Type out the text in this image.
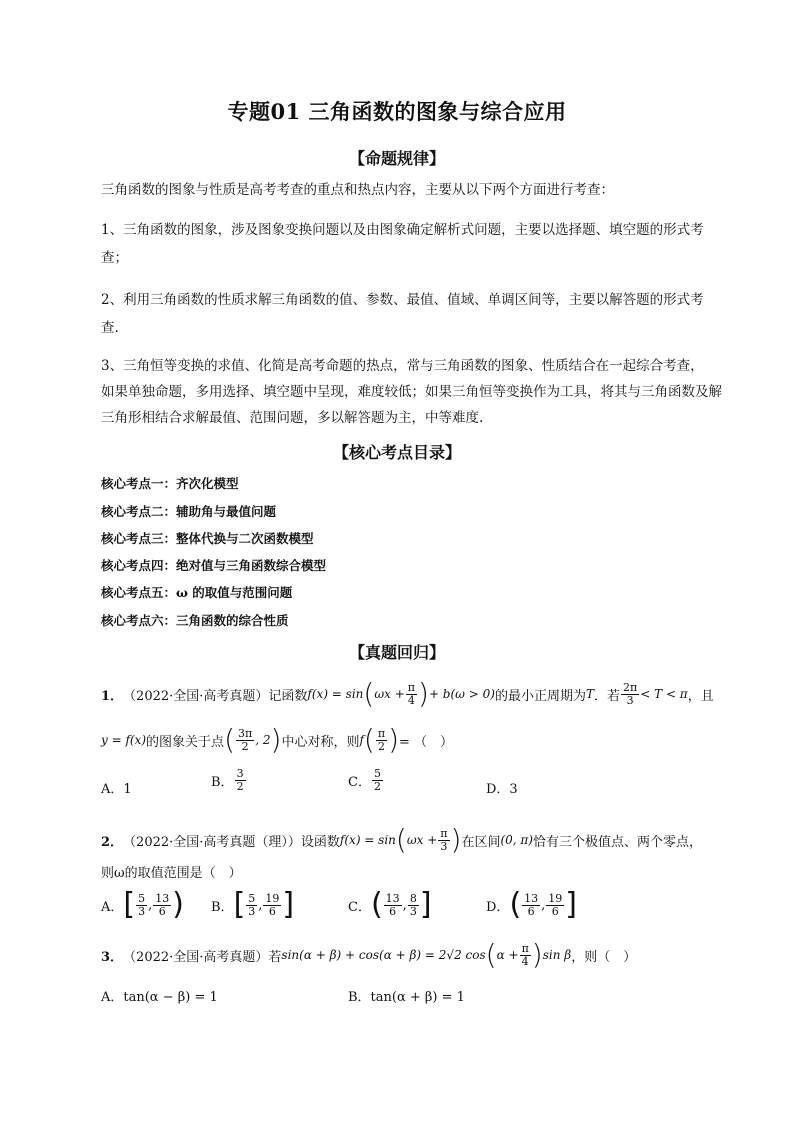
专题01 三角函数的图象与综合应用
【命题规律】
三角函数的图象与性质是高考考查的重点和热点内容，主要从以下两个方面进行考查：
1、三角函数的图象，涉及图象变换问题以及由图象确定解析式问题，主要以选择题、填空题的形式考
查；
2、利用三角函数的性质求解三角函数的值、参数、最值、值域、单调区间等，主要以解答题的形式考
查.
3、三角恒等变换的求值、化简是高考命题的热点，常与三角函数的图象、性质结合在一起综合考查，
如果单独命题，多用选择、填空题中呈现，难度较低；如果三角恒等变换作为工具，将其与三角函数及解
三角形相结合求解最值、范围问题，多以解答题为主，中等难度.
【核心考点目录】
核心考点一：齐次化模型
核心考点二：辅助角与最值问题
核心考点三：整体代换与二次函数模型
核心考点四：绝对值与三角函数综合模型
核心考点五：ω 的取值与范围问题
核心考点六：三角函数的综合性质
【真题回归】
1． （2022·全国·高考真题） 记函数 f(x) = sin ( $\omega x + \frac{\pi}{4}$ ) + b(ω > 0) 的最小正周期为 T ．若 $\frac{2\pi}{3} < T < \pi$ ，且
y = f(x) 的图象关于点 ( $\frac{3\pi}{2}$ , 2 ) 中心对称，则 f ( $\frac{\pi}{2}$ ) = （　）
A．1	B． $\frac{3}{2}$	C． $\frac{5}{2}$	D．3
2． （2022·全国·高考真题（理）） 设函数 f(x) = sin ( $\omega x + \frac{\pi}{3}$ ) 在区间 (0, π) 恰有三个极值点、两个零点，
则ω的取值范围是（　）
A． [ $\frac{5}{3}$ , $\frac{13}{6}$ ) B． [ $\frac{5}{3}$ , $\frac{19}{6}$ ]	C． ( $\frac{13}{6}$ , $\frac{8}{3}$ ]	D． ( $\frac{13}{6}$ , $\frac{19}{6}$ ]
3． （2022·全国·高考真题） 若 sin(α + β) + cos(α + β) = 2√2 cos ( $\alpha + \frac{\pi}{4}$ ) sin β ，则（　）
A．tan(α − β) = 1	B．tan(α + β) = 1
